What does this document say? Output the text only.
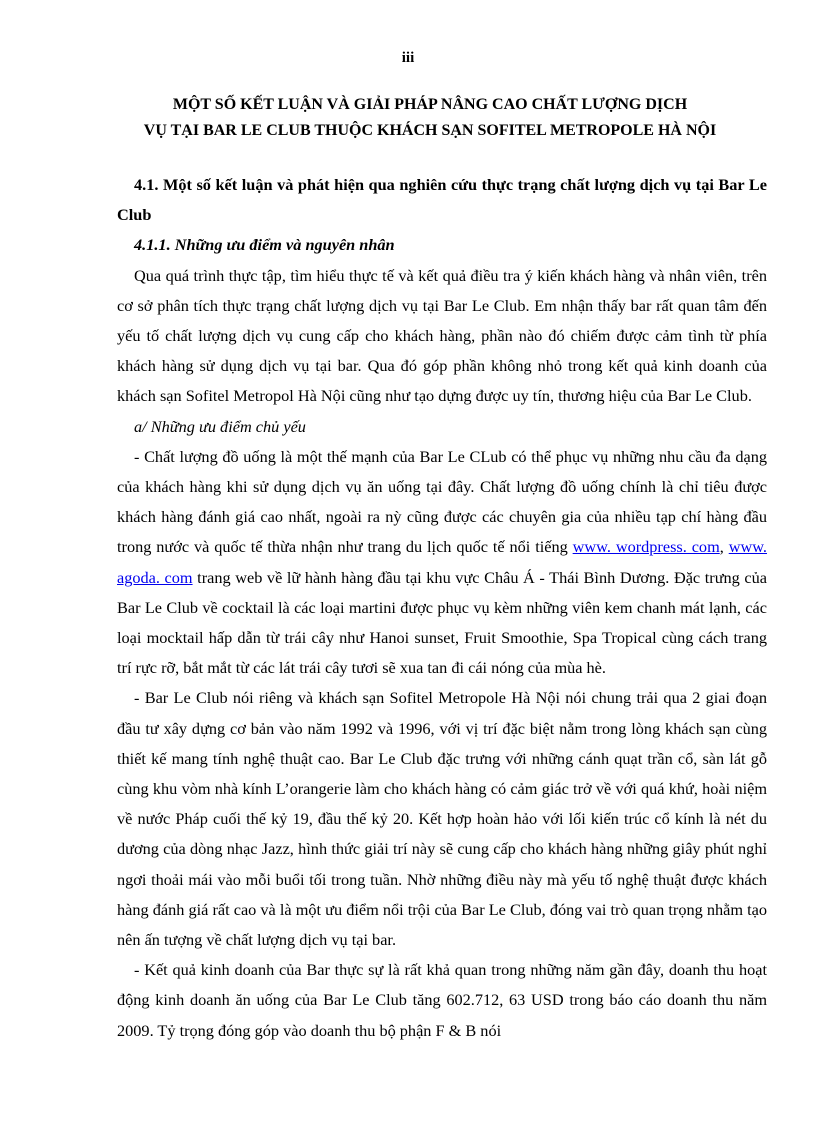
iii
MỘT SỐ KẾT LUẬN VÀ GIẢI PHÁP NÂNG CAO CHẤT LƯỢNG DỊCH
VỤ TẠI BAR LE CLUB THUỘC KHÁCH SẠN SOFITEL METROPOLE HÀ NỘI

4.1. Một số kết luận và phát hiện qua nghiên cứu thực trạng chất lượng dịch vụ tại Bar Le Club

4.1.1. Những ưu điểm và nguyên nhân

Qua quá trình thực tập, tìm hiểu thực tế và kết quả điều tra ý kiến khách hàng và nhân viên, trên cơ sở phân tích thực trạng chất lượng dịch vụ tại Bar Le Club. Em nhận thấy bar rất quan tâm đến yếu tố chất lượng dịch vụ cung cấp cho khách hàng, phần nào đó chiếm được cảm tình từ phía khách hàng sử dụng dịch vụ tại bar. Qua đó góp phần không nhỏ trong kết quả kinh doanh của khách sạn Sofitel Metropol Hà Nội cũng như tạo dựng được uy tín, thương hiệu của Bar Le Club.

a/ Những ưu điểm chủ yếu

- Chất lượng đồ uống là một thế mạnh của Bar Le CLub có thể phục vụ những nhu cầu đa dạng của khách hàng khi sử dụng dịch vụ ăn uống tại đây. Chất lượng đồ uống chính là chỉ tiêu được khách hàng đánh giá cao nhất, ngoài ra nỳ cũng được các chuyên gia của nhiều tạp chí hàng đầu trong nước và quốc tế thừa nhận như trang du lịch quốc tế nổi tiếng www. wordpress. com, www. agoda. com trang web về lữ hành hàng đầu tại khu vực Châu Á - Thái Bình Dương. Đặc trưng của Bar Le Club về cocktail là các loại martini được phục vụ kèm những viên kem chanh mát lạnh, các loại mocktail hấp dẫn từ trái cây như Hanoi sunset, Fruit Smoothie, Spa Tropical cùng cách trang trí rực rỡ, bắt mắt từ các lát trái cây tươi sẽ xua tan đi cái nóng của mùa hè.

- Bar Le Club nói riêng và khách sạn Sofitel Metropole Hà Nội nói chung trải qua 2 giai đoạn đầu tư xây dựng cơ bản vào năm 1992 và 1996, với vị trí đặc biệt nằm trong lòng khách sạn cùng thiết kế mang tính nghệ thuật cao. Bar Le Club đặc trưng với những cánh quạt trần cổ, sàn lát gỗ cùng khu vòm nhà kính L’orangerie làm cho khách hàng có cảm giác trở về với quá khứ, hoài niệm về nước Pháp cuối thế kỷ 19, đầu thế kỷ 20. Kết hợp hoàn hảo với lối kiến trúc cổ kính là nét du dương của dòng nhạc Jazz, hình thức giải trí này sẽ cung cấp cho khách hàng những giây phút nghỉ ngơi thoải mái vào mỗi buổi tối trong tuần. Nhờ những điều này mà yếu tố nghệ thuật được khách hàng đánh giá rất cao và là một ưu điểm nổi trội của Bar Le Club, đóng vai trò quan trọng nhằm tạo nên ấn tượng về chất lượng dịch vụ tại bar.

- Kết quả kinh doanh của Bar thực sự là rất khả quan trong những năm gần đây, doanh thu hoạt động kinh doanh ăn uống của Bar Le Club tăng 602.712, 63 USD trong báo cáo doanh thu năm 2009. Tỷ trọng đóng góp vào doanh thu bộ phận F & B nói
